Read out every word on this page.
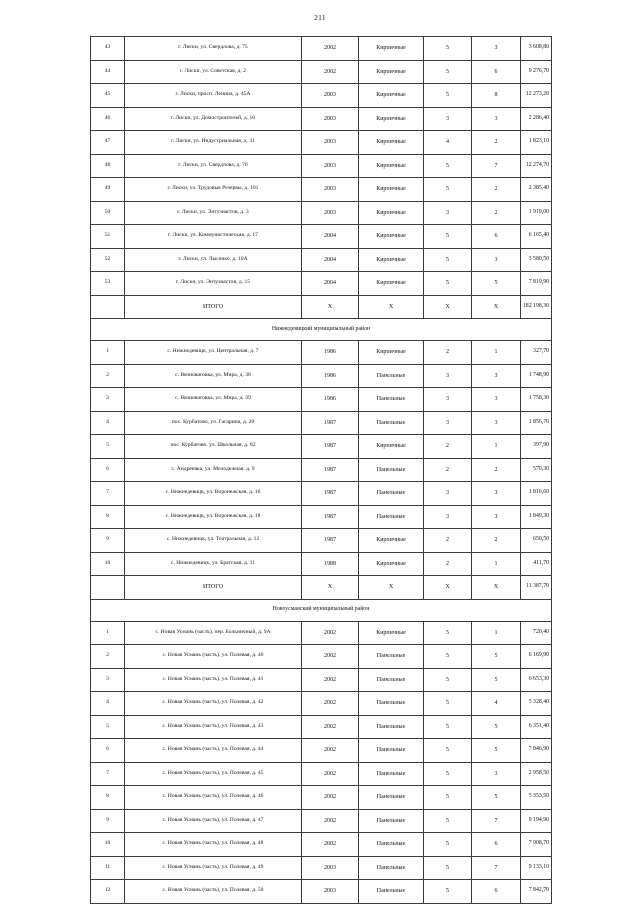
211
43	г. Лиски, ул. Свердлова, д. 75	2002	Кирпичные	5	3	3 608,80
44	г. Лиски, ул. Советская, д. 2	2002	Кирпичные	5	6	9 276,70
45	г. Лиски, просп. Ленина, д. 45А	2003	Кирпичные	5	8	12 273,20
46	г. Лиски, ул. Домостроителей, д. 10	2003	Кирпичные	3	3	2 286,40
47	г. Лиски, ул. Индустриальная, д. 31	2003	Кирпичные	4	2	1 823,10
48	г. Лиски, ул. Свердлова, д. 76	2003	Кирпичные	5	7	12 274,70
49	г. Лиски, ул. Трудовые Резервы, д. 101	2003	Кирпичные	5	2	2 385,40
50	г. Лиски, ул. Энтузиастов, д. 3	2003	Кирпичные	3	2	1 919,00
51	г. Лиски, ул. Коммунистическая, д. 17	2004	Кирпичные	5	6	6 165,40
52	г. Лиски, ул. Лысенко, д. 10А	2004	Кирпичные	5	3	3 580,50
53	г. Лиски, ул. Энтузиастов, д. 15	2004	Кирпичные	5	5	7 819,90
	ИТОГО	Х	Х	Х	Х	182 198,30
Нижнедевицкий муниципальный район						
1	с. Нижнедевицк, ул. Центральная, д. 7	1986	Кирпичные	2	1	327,70
2	с. Вязноватовка, ул. Мира, д. 38	1986	Панельные	3	3	1 748,90
3	с. Вязноватовка, ул. Мира, д. 39	1986	Панельные	3	3	1 758,30
4	пос. Курбатово, ул. Гагарина, д. 28	1987	Панельные	3	3	1 856,70
5	пос. Курбатово, ул. Школьная, д. 82	1987	Кирпичные	2	1	397,90
6	с. Андреевка, ул. Молодежная, д. 9	1987	Панельные	2	2	570,30
7	с. Нижнедевицк, ул. Воронежская, д. 16	1987	Панельные	3	3	1 816,60
8	с. Нижнедевицк, ул. Воронежская, д. 18	1987	Панельные	3	3	1 849,30
9	с. Нижнедевицк, ул. Театральная, д. 12	1987	Кирпичные	2	2	650,50
10	с. Нижнедевицк, ул. Братская, д. 11	1988	Кирпичные	2	1	411,70
	ИТОГО	Х	Х	Х	Х	11 387,70
Новоусманский муниципальный район						
1	с. Новая Усмань (часть), пер. Больничный, д. 9А	2002	Кирпичные	5	1	720,40
2	с. Новая Усмань (часть), ул. Полевая, д. 40	2002	Панельные	5	5	6 169,90
3	с. Новая Усмань (часть), ул. Полевая, д. 41	2002	Панельные	5	5	6 653,30
4	с. Новая Усмань (часть), ул. Полевая, д. 42	2002	Панельные	5	4	5 328,40
5	с. Новая Усмань (часть), ул. Полевая, д. 43	2002	Панельные	5	5	6 351,40
6	с. Новая Усмань (часть), ул. Полевая, д. 44	2002	Панельные	5	5	7 846,90
7	с. Новая Усмань (часть), ул. Полевая, д. 45	2002	Панельные	5	3	2 958,50
8	с. Новая Усмань (часть), ул. Полевая, д. 46	2002	Панельные	5	5	5 353,50
9	с. Новая Усмань (часть), ул. Полевая, д. 47	2002	Панельные	5	7	9 194,90
10	с. Новая Усмань (часть), ул. Полевая, д. 48	2002	Панельные	5	6	7 908,70
11	с. Новая Усмань (часть), ул. Полевая, д. 49	2003	Панельные	5	7	9 133,10
12	с. Новая Усмань (часть), ул. Полевая, д. 50	2003	Панельные	5	6	7 842,70
